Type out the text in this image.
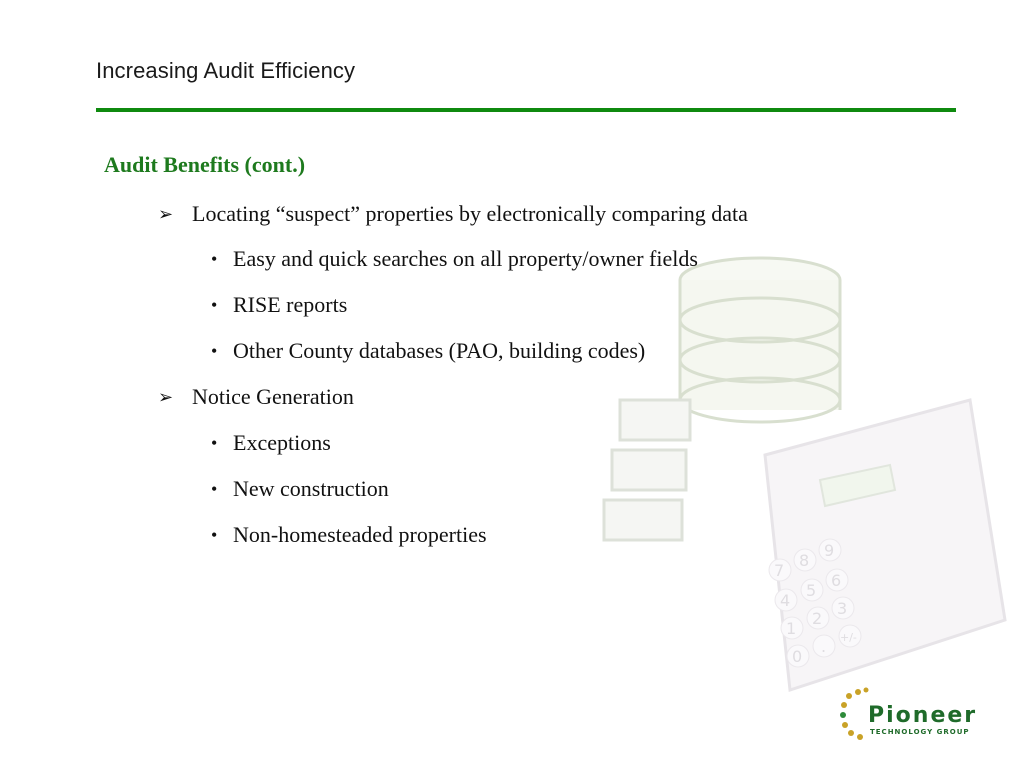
7
8
9
4
5
6
1
2
3
0
. +/-
Increasing Audit Efficiency
Audit Benefits (cont.)
➢ Locating “suspect” properties by electronically comparing data
• Easy and quick searches on all property/owner fields
• RISE reports
• Other County databases (PAO, building codes)
➢ Notice Generation
• Exceptions
• New construction
• Non-homesteaded properties
Pioneer
TECHNOLOGY GROUP
